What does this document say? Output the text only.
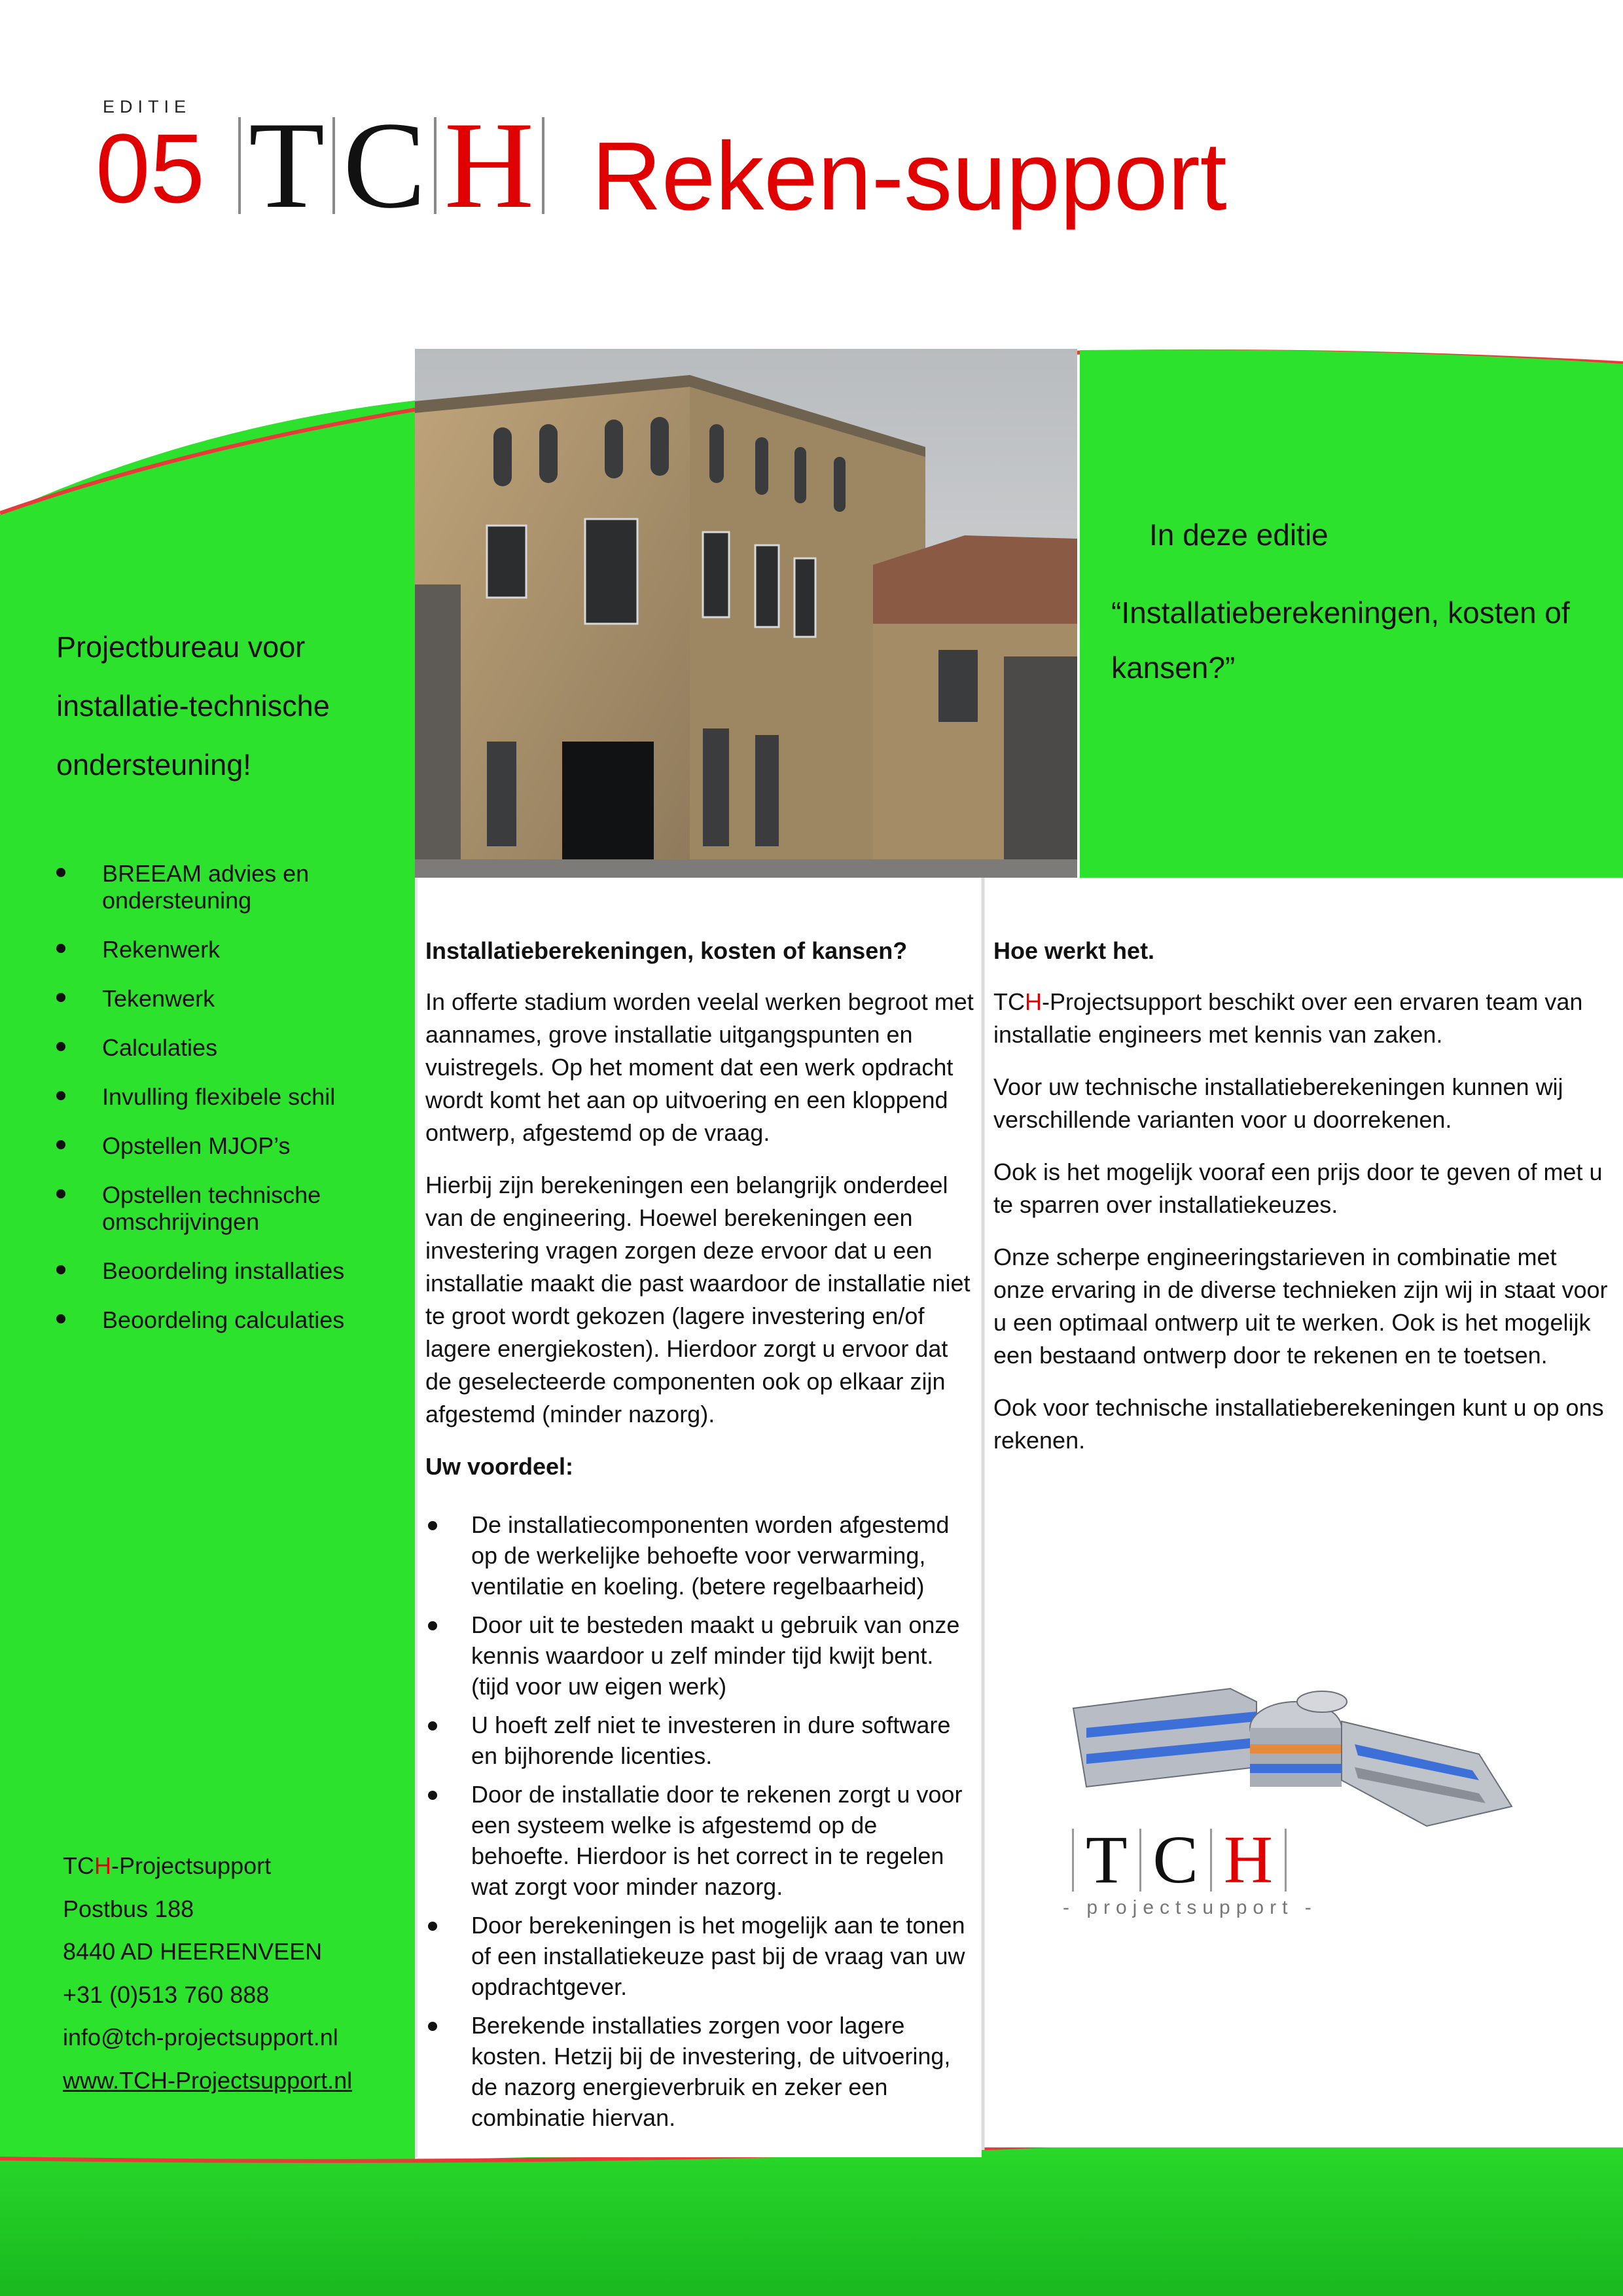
EDITIE
05 T C H Reken-support
In deze editie
“Installatieberekeningen, kosten of kansen?”
Projectbureau voor installatie-technische ondersteuning!
BREEAM advies en ondersteuning
Rekenwerk
Tekenwerk
Calculaties
Invulling flexibele schil
Opstellen MJOP’s
Opstellen technische omschrijvingen
Beoordeling installaties
Beoordeling calculaties
TCH-Projectsupport
Postbus 188
8440 AD HEERENVEEN
+31 (0)513 760 888
info@tch-projectsupport.nl
www.TCH-Projectsupport.nl
Installatieberekeningen, kosten of kansen?

In offerte stadium worden veelal werken begroot met aannames, grove installatie uitgangspunten en vuistregels. Op het moment dat een werk opdracht wordt komt het aan op uitvoering en een kloppend ontwerp, afgestemd op de vraag.

Hierbij zijn berekeningen een belangrijk onderdeel van de engineering. Hoewel berekeningen een investering vragen zorgen deze ervoor dat u een installatie maakt die past waardoor de installatie niet te groot wordt gekozen (lagere investering en/of lagere energiekosten). Hierdoor zorgt u ervoor dat de geselecteerde componenten ook op elkaar zijn afgestemd (minder nazorg).

Uw voordeel:
De installatiecomponenten worden afgestemd op de werkelijke behoefte voor verwarming, ventilatie en koeling. (betere regelbaarheid)
Door uit te besteden maakt u gebruik van onze kennis waardoor u zelf minder tijd kwijt bent. (tijd voor uw eigen werk)
U hoeft zelf niet te investeren in dure software en bijhorende licenties.
Door de installatie door te rekenen zorgt u voor een systeem welke is afgestemd op de behoefte. Hierdoor is het correct in te regelen wat zorgt voor minder nazorg.
Door berekeningen is het mogelijk aan te tonen of een installatiekeuze past bij de vraag van uw opdrachtgever.
Berekende installaties zorgen voor lagere kosten. Hetzij bij de investering, de uitvoering, de nazorg energieverbruik en zeker een combinatie hiervan.
Hoe werkt het.

TCH-Projectsupport beschikt over een ervaren team van installatie engineers met kennis van zaken.

Voor uw technische installatieberekeningen kunnen wij verschillende varianten voor u doorrekenen.

Ook is het mogelijk vooraf een prijs door te geven of met u te sparren over installatiekeuzes.

Onze scherpe engineeringstarieven in combinatie met onze ervaring in de diverse technieken zijn wij in staat voor u een optimaal ontwerp uit te werken. Ook is het mogelijk een bestaand ontwerp door te rekenen en te toetsen.

Ook voor technische installatieberekeningen kunt u op ons rekenen.

T C H
- projectsupport -
